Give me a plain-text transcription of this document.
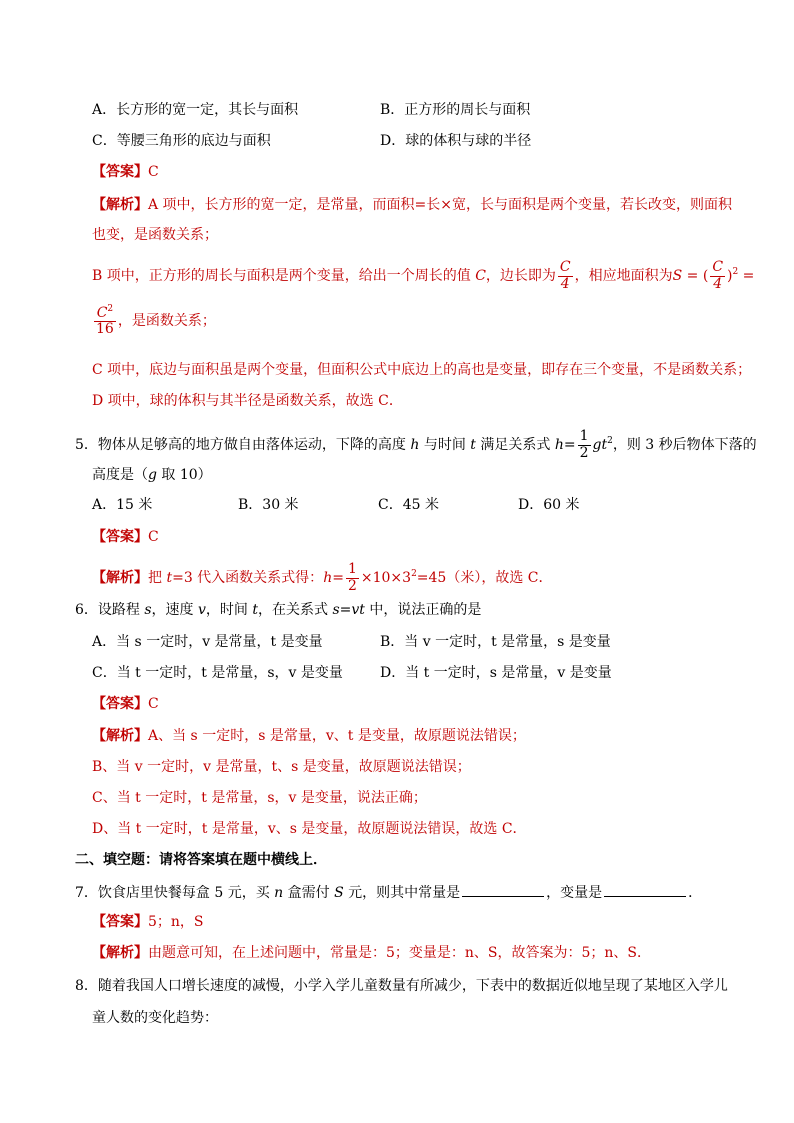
A．长方形的宽一定，其长与面积	B．正方形的周长与面积
C．等腰三角形的底边与面积	D．球的体积与球的半径
【答案】C
【解析】A 项中，长方形的宽一定，是常量，而面积=长×宽，长与面积是两个变量，若长改变，则面积
也变，是函数关系；
B 项中，正方形的周长与面积是两个变量，给出一个周长的值 C，边长即为 $\frac{C}{4}$ ，相应地面积为S = ( $\frac{C}{4} )^2$ =
$\frac{C^2}{16}$ ，是函数关系；
C 项中，底边与面积虽是两个变量，但面积公式中底边上的高也是变量，即存在三个变量，不是函数关系；
D 项中，球的体积与其半径是函数关系，故选 C．
5．物体从足够高的地方做自由落体运动，下降的高度 h 与时间 t 满足关系式 $h= \frac{1}{2} gt^2$，则 3 秒后物体下落的
高度是（g 取 10）
A．15 米	B．30 米	C．45 米	D．60 米
【答案】C
【解析】把 t=3 代入函数关系式得：$h= \frac{1}{2} \times 10\times 3^2=45$（米），故选 C．
6．设路程 s，速度 v，时间 t，在关系式 s=vt 中，说法正确的是
A．当 s 一定时，v 是常量，t 是变量	B．当 v 一定时，t 是常量，s 是变量
C．当 t 一定时，t 是常量，s，v 是变量	D．当 t 一定时，s 是常量，v 是变量
【答案】C
【解析】A、当 s 一定时，s 是常量，v、t 是变量，故原题说法错误；
B、当 v 一定时，v 是常量，t、s 是变量，故原题说法错误；
C、当 t 一定时，t 是常量，s，v 是变量，说法正确；
D、当 t 一定时，t 是常量，v、s 是变量，故原题说法错误，故选 C．
二、填空题：请将答案填在题中横线上．
7．饮食店里快餐每盒 5 元，买 n 盒需付 S 元，则其中常量是	，变量是	．
【答案】5；n，S
【解析】由题意可知，在上述问题中，常量是：5；变量是：n、S，故答案为：5；n、S．
8．随着我国人口增长速度的减慢，小学入学儿童数量有所减少，下表中的数据近似地呈现了某地区入学儿
童人数的变化趋势：
